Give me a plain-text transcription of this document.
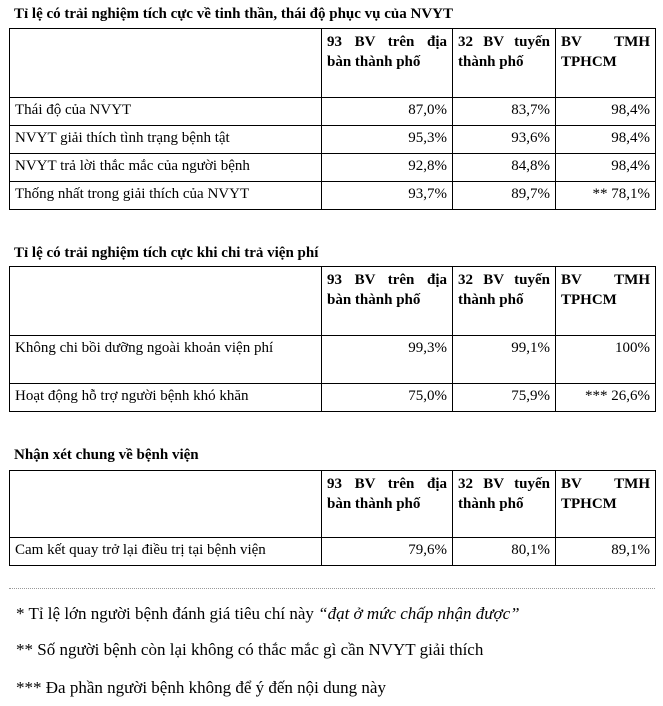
Tỉ lệ có trải nghiệm tích cực về tinh thần, thái độ phục vụ của NVYT
	93 BV trên địa bàn thành phố	32 BV tuyến thành phố	BV TMH TPHCM
Thái độ của NVYT	87,0%	83,7%	98,4%
NVYT giải thích tình trạng bệnh tật	95,3%	93,6%	98,4%
NVYT trả lời thắc mắc của người bệnh	92,8%	84,8%	98,4%
Thống nhất trong giải thích của NVYT	93,7%	89,7%	** 78,1%
Tỉ lệ có trải nghiệm tích cực khi chi trả viện phí
	93 BV trên địa bàn thành phố	32 BV tuyến thành phố	BV TMH TPHCM
Không chi bồi dưỡng ngoài khoản viện phí	99,3%	99,1%	100%
Hoạt động hỗ trợ người bệnh khó khăn	75,0%	75,9%	*** 26,6%
Nhận xét chung về bệnh viện
	93 BV trên địa bàn thành phố	32 BV tuyến thành phố	BV TMH TPHCM
Cam kết quay trở lại điều trị tại bệnh viện	79,6%	80,1%	89,1%
* Tỉ lệ lớn người bệnh đánh giá tiêu chí này “đạt ở mức chấp nhận được”
** Số người bệnh còn lại không có thắc mắc gì cần NVYT giải thích
*** Đa phần người bệnh không để ý đến nội dung này
